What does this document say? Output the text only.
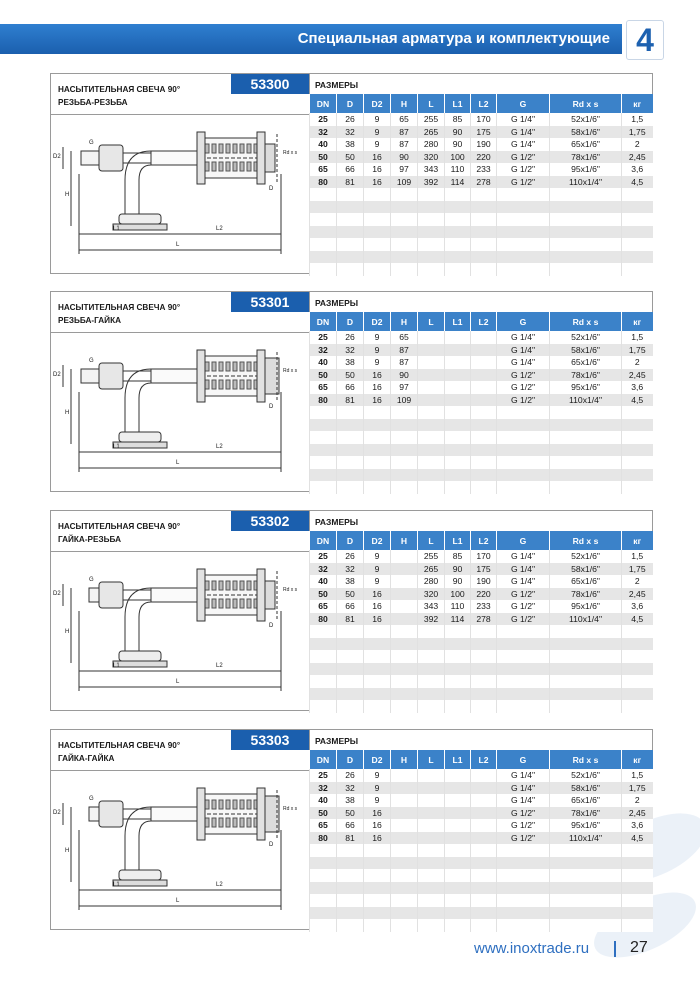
Специальная арматура и комплектующие 4
НАСЫТИТЕЛЬНАЯ СВЕЧА 90°
РЕЗЬБА-РЕЗЬБА
53300	РАЗМЕРЫ
L1	L2
L
D2
H
G
D
Rd x s
DN	D	D2	H	L	L1	L2	G	Rd x s	кг
25	26	9	65	255	85	170	G 1/4"	52x1/6"	1,5
32	32	9	87	265	90	175	G 1/4"	58x1/6"	1,75
40	38	9	87	280	90	190	G 1/4"	65x1/6"	2
50	50	16	90	320	100	220	G 1/2"	78x1/6"	2,45
65	66	16	97	343	110	233	G 1/2"	95x1/6"	3,6
80	81	16	109	392	114	278	G 1/2"	110x1/4"	4,5

НАСЫТИТЕЛЬНАЯ СВЕЧА 90°
РЕЗЬБА-ГАЙКА
53301	РАЗМЕРЫ
L1	L2
L
D2
H
G
D
Rd x s
DN	D	D2	H	L	L1	L2	G	Rd x s	кг
25	26	9	65				G 1/4"	52x1/6"	1,5
32	32	9	87				G 1/4"	58x1/6"	1,75
40	38	9	87				G 1/4"	65x1/6"	2
50	50	16	90				G 1/2"	78x1/6"	2,45
65	66	16	97				G 1/2"	95x1/6"	3,6
80	81	16	109				G 1/2"	110x1/4"	4,5

НАСЫТИТЕЛЬНАЯ СВЕЧА 90°
ГАЙКА-РЕЗЬБА
53302	РАЗМЕРЫ
L1	L2
L
D2
H
G
D
Rd x s
DN	D	D2	H	L	L1	L2	G	Rd x s	кг
25	26	9		255	85	170	G 1/4"	52x1/6"	1,5
32	32	9		265	90	175	G 1/4"	58x1/6"	1,75
40	38	9		280	90	190	G 1/4"	65x1/6"	2
50	50	16		320	100	220	G 1/2"	78x1/6"	2,45
65	66	16		343	110	233	G 1/2"	95x1/6"	3,6
80	81	16		392	114	278	G 1/2"	110x1/4"	4,5

НАСЫТИТЕЛЬНАЯ СВЕЧА 90°
ГАЙКА-ГАЙКА
53303	РАЗМЕРЫ
L1	L2
L
D2
H
G
D
Rd x s
DN	D	D2	H	L	L1	L2	G	Rd x s	кг
25	26	9					G 1/4"	52x1/6"	1,5
32	32	9					G 1/4"	58x1/6"	1,75
40	38	9					G 1/4"	65x1/6"	2
50	50	16					G 1/2"	78x1/6"	2,45
65	66	16					G 1/2"	95x1/6"	3,6
80	81	16					G 1/2"	110x1/4"	4,5

www.inoxtrade.ru	27
